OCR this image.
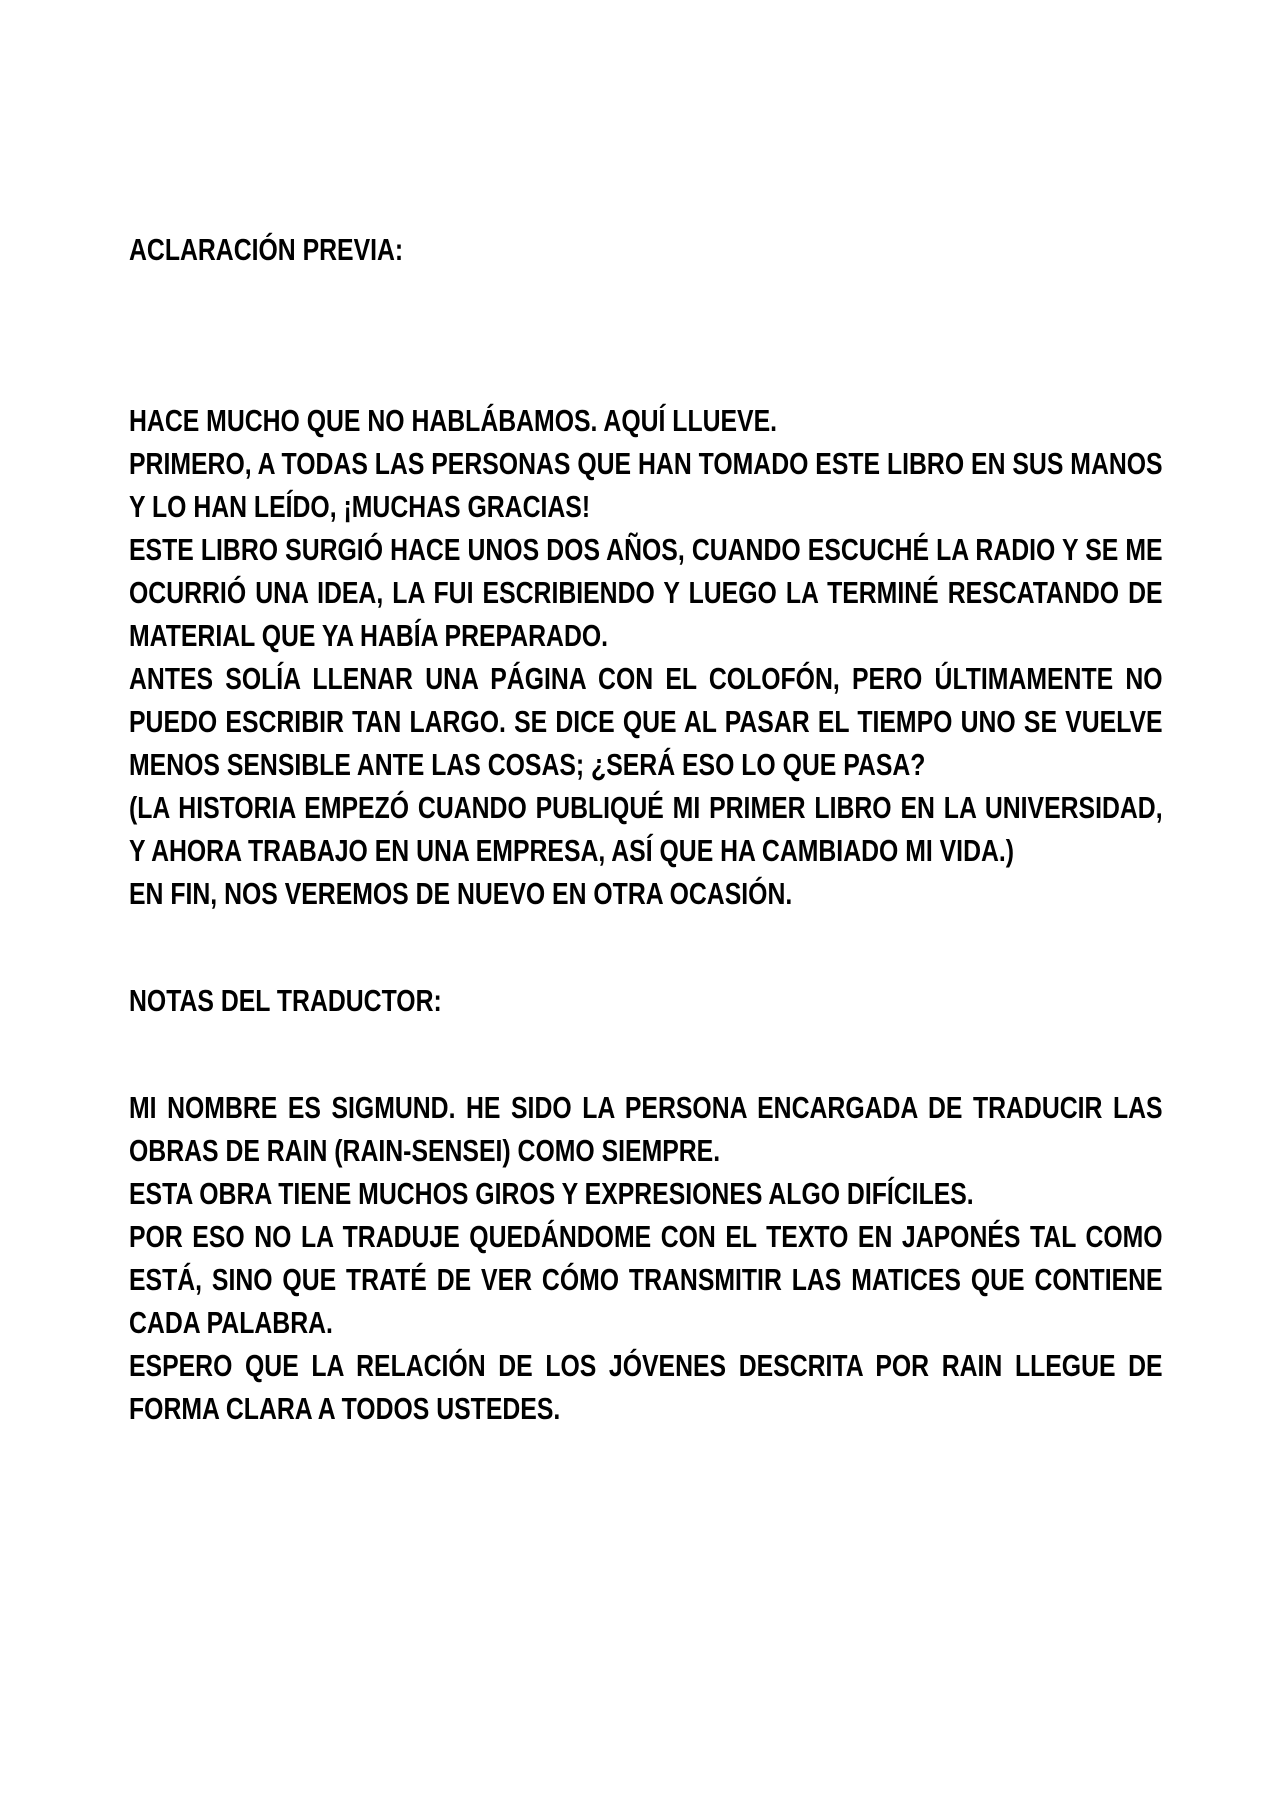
ACLARACIÓN PREVIA:

HACE MUCHO QUE NO HABLÁBAMOS. AQUÍ LLUEVE.

PRIMERO, A TODAS LAS PERSONAS QUE HAN TOMADO ESTE LIBRO EN SUS MANOS Y LO HAN LEÍDO, ¡MUCHAS GRACIAS!

ESTE LIBRO SURGIÓ HACE UNOS DOS AÑOS, CUANDO ESCUCHÉ LA RADIO Y SE ME OCURRIÓ UNA IDEA, LA FUI ESCRIBIENDO Y LUEGO LA TERMINÉ RESCATANDO DE MATERIAL QUE YA HABÍA PREPARADO.

ANTES SOLÍA LLENAR UNA PÁGINA CON EL COLOFÓN, PERO ÚLTIMAMENTE NO PUEDO ESCRIBIR TAN LARGO. SE DICE QUE AL PASAR EL TIEMPO UNO SE VUELVE MENOS SENSIBLE ANTE LAS COSAS; ¿SERÁ ESO LO QUE PASA?

(LA HISTORIA EMPEZÓ CUANDO PUBLIQUÉ MI PRIMER LIBRO EN LA UNIVERSIDAD, Y AHORA TRABAJO EN UNA EMPRESA, ASÍ QUE HA CAMBIADO MI VIDA.)

EN FIN, NOS VEREMOS DE NUEVO EN OTRA OCASIÓN.

NOTAS DEL TRADUCTOR:

MI NOMBRE ES SIGMUND. HE SIDO LA PERSONA ENCARGADA DE TRADUCIR LAS OBRAS DE RAIN (RAIN-SENSEI) COMO SIEMPRE.

ESTA OBRA TIENE MUCHOS GIROS Y EXPRESIONES ALGO DIFÍCILES.

POR ESO NO LA TRADUJE QUEDÁNDOME CON EL TEXTO EN JAPONÉS TAL COMO ESTÁ, SINO QUE TRATÉ DE VER CÓMO TRANSMITIR LAS MATICES QUE CONTIENE CADA PALABRA.

ESPERO QUE LA RELACIÓN DE LOS JÓVENES DESCRITA POR RAIN LLEGUE DE FORMA CLARA A TODOS USTEDES.
